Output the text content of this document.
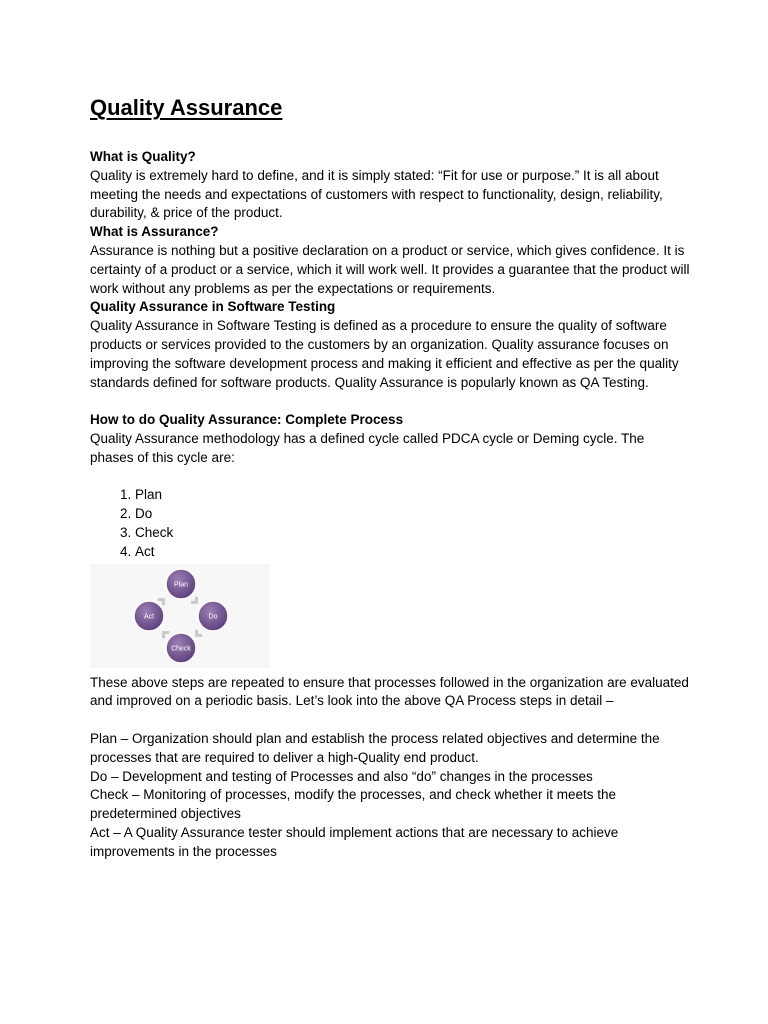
Quality Assurance
What is Quality?
Quality is extremely hard to define, and it is simply stated: “Fit for use or purpose.” It is all about meeting the needs and expectations of customers with respect to functionality, design, reliability, durability, & price of the product.
What is Assurance?
Assurance is nothing but a positive declaration on a product or service, which gives confidence. It is certainty of a product or a service, which it will work well. It provides a guarantee that the product will work without any problems as per the expectations or requirements.
Quality Assurance in Software Testing
Quality Assurance in Software Testing is defined as a procedure to ensure the quality of software products or services provided to the customers by an organization. Quality assurance focuses on improving the software development process and making it efficient and effective as per the quality standards defined for software products. Quality Assurance is popularly known as QA Testing.
How to do Quality Assurance: Complete Process
Quality Assurance methodology has a defined cycle called PDCA cycle or Deming cycle. The phases of this cycle are:
1. Plan
2. Do
3. Check
4. Act
Plan
Do
Check
Act
These above steps are repeated to ensure that processes followed in the organization are evaluated and improved on a periodic basis. Let’s look into the above QA Process steps in detail –
Plan – Organization should plan and establish the process related objectives and determine the processes that are required to deliver a high-Quality end product.
Do – Development and testing of Processes and also “do” changes in the processes
Check – Monitoring of processes, modify the processes, and check whether it meets the predetermined objectives
Act – A Quality Assurance tester should implement actions that are necessary to achieve improvements in the processes
